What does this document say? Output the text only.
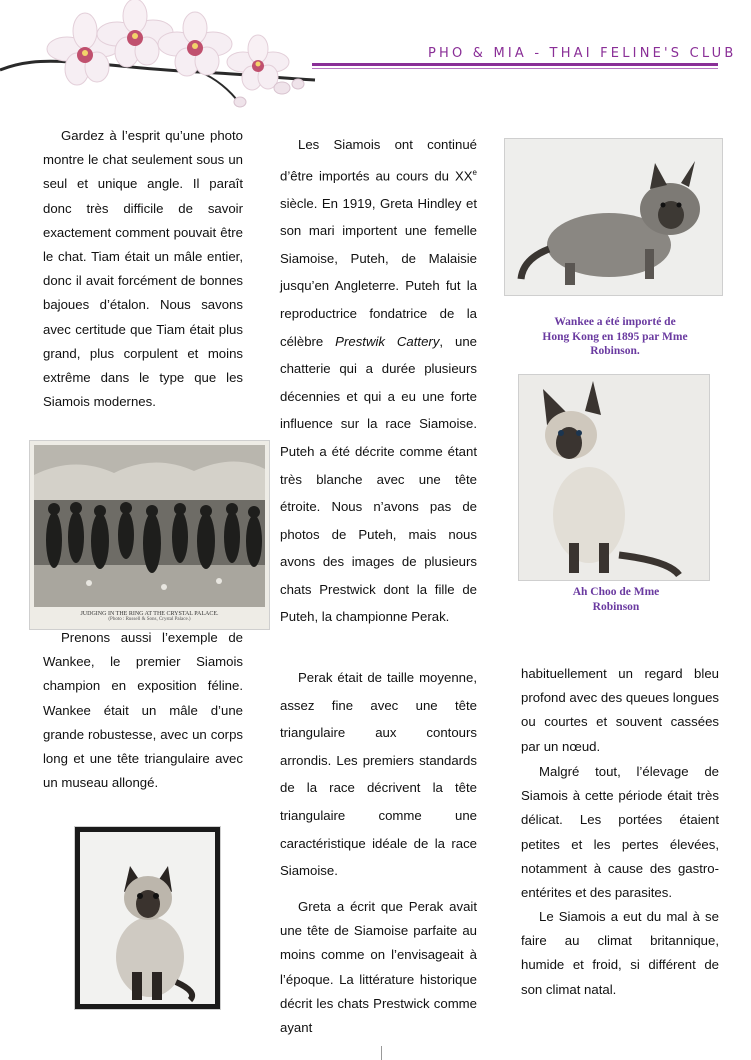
PHO & MIA - THAI FELINE'S CLUB

Gardez à l’esprit qu’une photo montre le chat seulement sous un seul et unique angle. Il paraît donc très difficile de savoir exactement comment pouvait être le chat. Tiam était un mâle entier, donc il avait forcément de bonnes bajoues d’étalon. Nous savons avec certitude que Tiam était plus grand, plus corpulent et moins extrême dans le type que les Siamois modernes.

JUDGING IN THE RING AT THE CRYSTAL PALACE.
(Photo : Russell & Sons, Crystal Palace.)

Prenons aussi l’exemple de Wankee, le premier Siamois champion en exposition féline. Wankee était un mâle d’une grande robustesse, avec un corps long et une tête triangulaire avec un museau allongé.

Les Siamois ont continué d’être importés au cours du XXe siècle. En 1919, Greta Hindley et son mari importent une femelle Siamoise, Puteh, de Malaisie jusqu’en Angleterre. Puteh fut la reproductrice fondatrice de la célèbre Prestwik Cattery, une chatterie qui a durée plusieurs décennies et qui a eu une forte influence sur la race Siamoise. Puteh a été décrite comme étant très blanche avec une tête étroite. Nous n’avons pas de photos de Puteh, mais nous avons des images de plusieurs chats Prestwick dont la fille de Puteh, la championne Perak.

Perak était de taille moyenne, assez fine avec une tête triangulaire aux contours arrondis. Les premiers standards de la race décrivent la tête triangulaire comme une caractéristique idéale de la race Siamoise.

Greta a écrit que Perak avait une tête de Siamoise parfaite au moins comme on l’envisageait à l’époque. La littérature historique décrit les chats Prestwick comme ayant

Wankee a été importé de Hong Kong en 1895 par Mme Robinson.
Ah Choo de Mme Robinson

habituellement un regard bleu profond avec des queues longues ou courtes et souvent cassées par un nœud.

Malgré tout, l’élevage de Siamois à cette période était très délicat. Les portées étaient petites et les pertes élevées, notamment à cause des gastro-entérites et des parasites.

Le Siamois a eut du mal à se faire au climat britannique, humide et froid, si différent de son climat natal.
